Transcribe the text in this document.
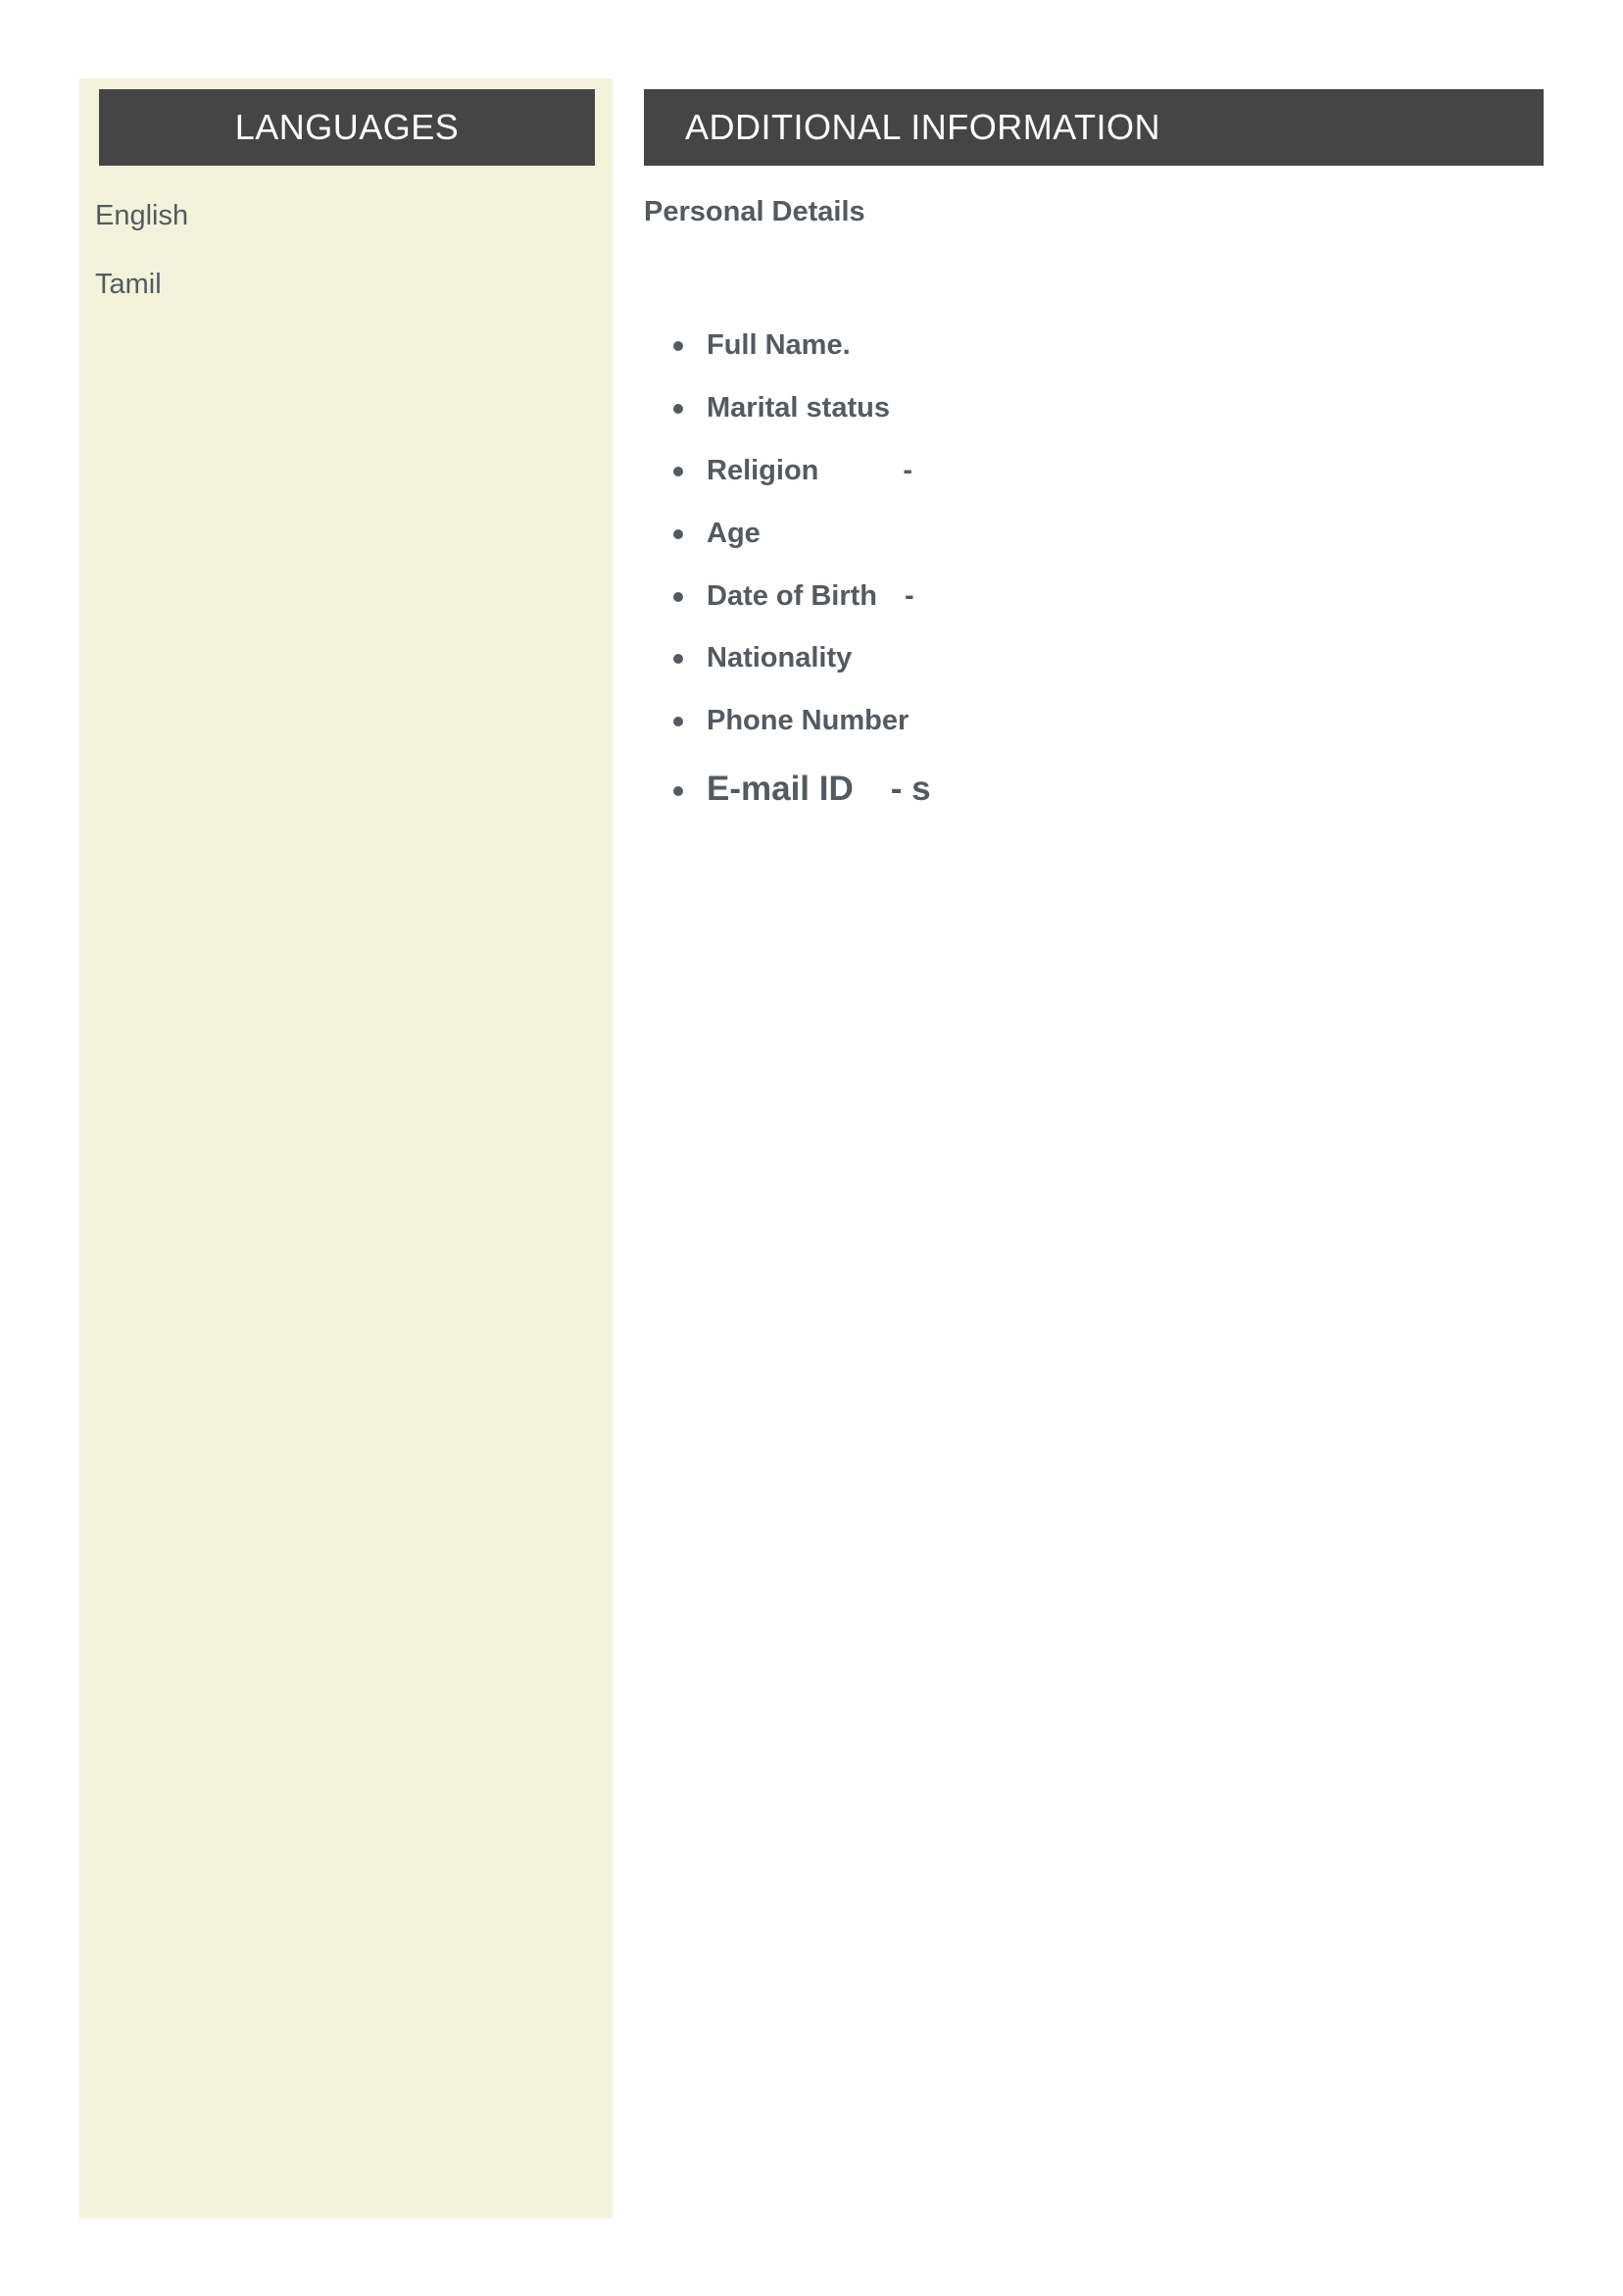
LANGUAGES
English
Tamil
ADDITIONAL INFORMATION
Personal Details
Full Name.
Marital status
Religion	-
Age
Date of Birth -
Nationality
Phone Number
E-mail ID - s
